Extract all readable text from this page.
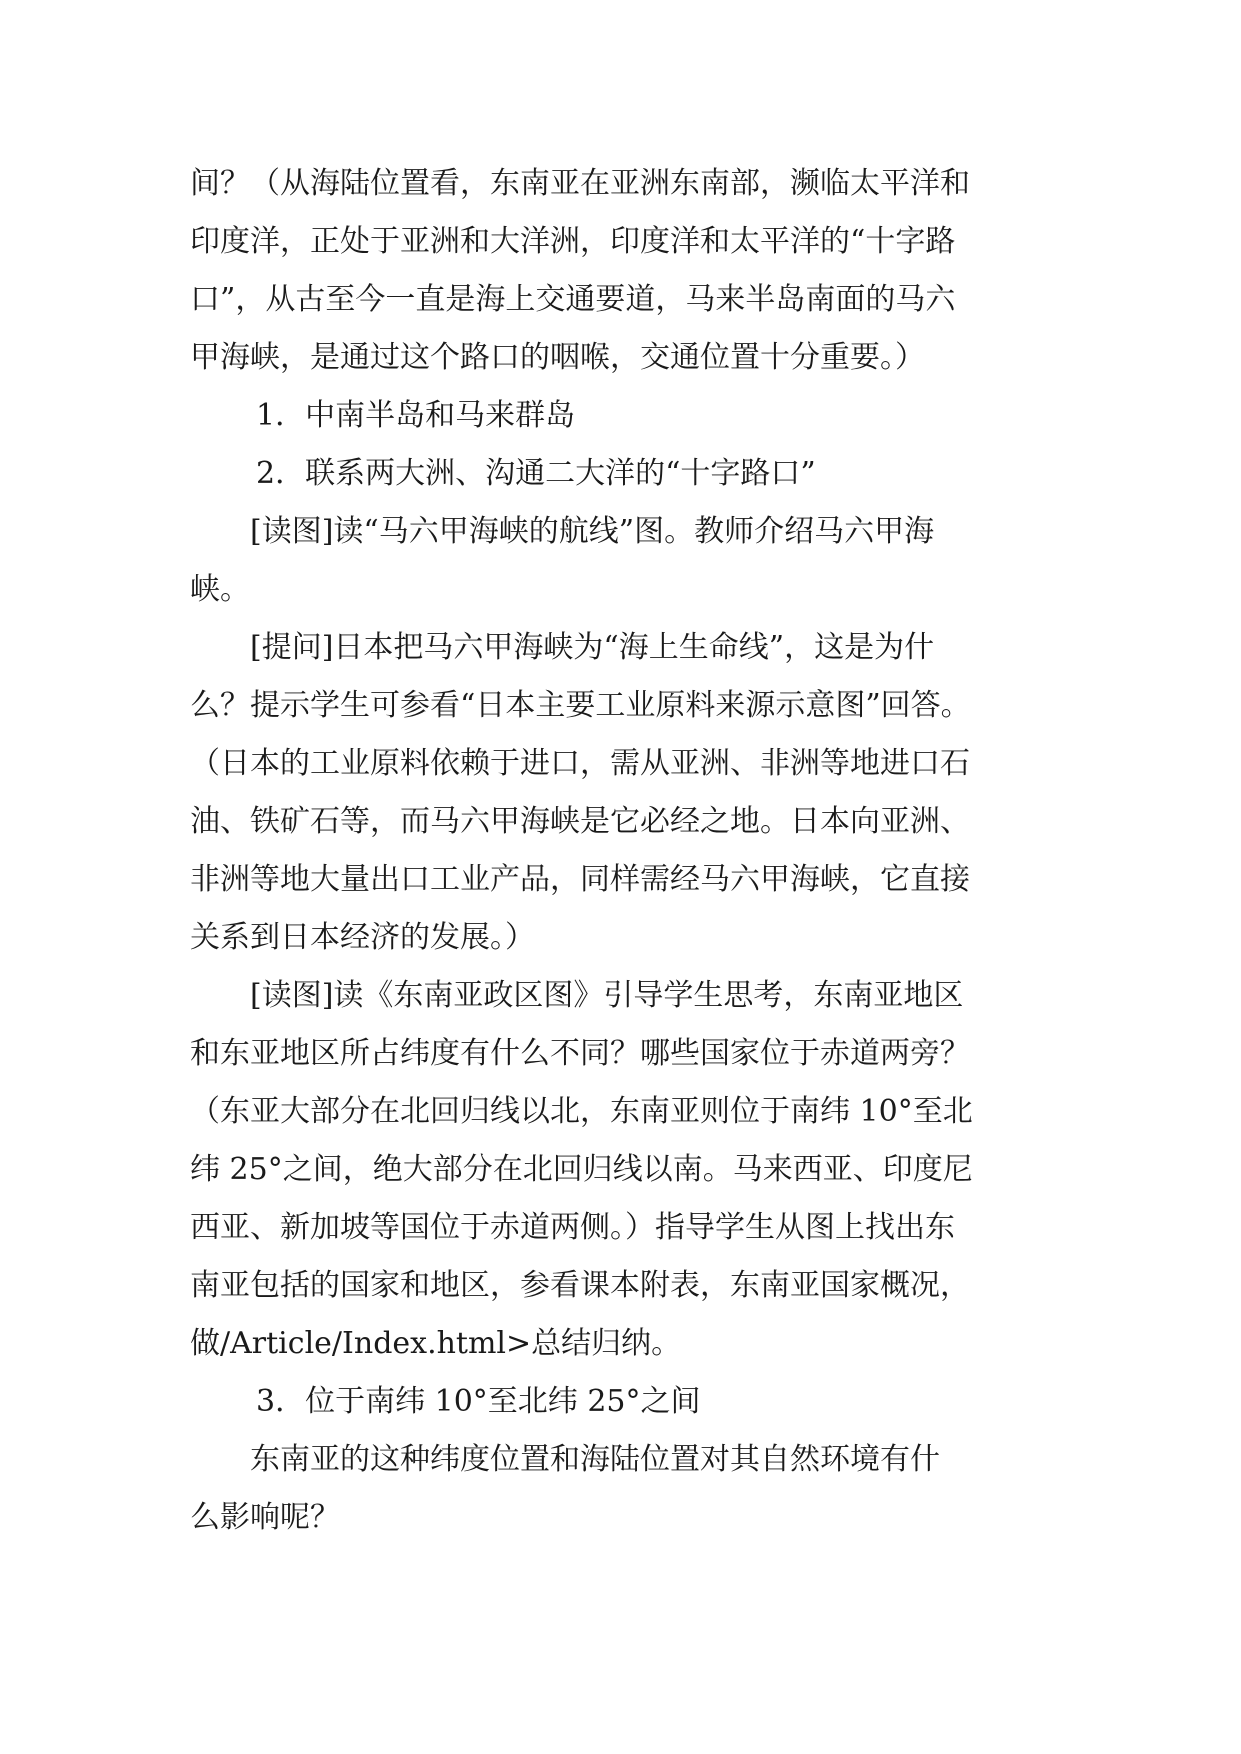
间？（从海陆位置看，东南亚在亚洲东南部，濒临太平洋和
印度洋，正处于亚洲和大洋洲，印度洋和太平洋的“十字路
口”，从古至今一直是海上交通要道，马来半岛南面的马六
甲海峡，是通过这个路口的咽喉，交通位置十分重要。）
1．中南半岛和马来群岛
2．联系两大洲、沟通二大洋的“十字路口”
[读图]读“马六甲海峡的航线”图。教师介绍马六甲海
峡。
[提问]日本把马六甲海峡为“海上生命线”，这是为什
么？提示学生可参看“日本主要工业原料来源示意图”回答。
（日本的工业原料依赖于进口，需从亚洲、非洲等地进口石
油、铁矿石等，而马六甲海峡是它必经之地。日本向亚洲、
非洲等地大量出口工业产品，同样需经马六甲海峡，它直接
关系到日本经济的发展。）
[读图]读《东南亚政区图》引导学生思考，东南亚地区
和东亚地区所占纬度有什么不同？哪些国家位于赤道两旁？
（东亚大部分在北回归线以北，东南亚则位于南纬 10°至北
纬 25°之间，绝大部分在北回归线以南。马来西亚、印度尼
西亚、新加坡等国位于赤道两侧。）指导学生从图上找出东
南亚包括的国家和地区，参看课本附表，东南亚国家概况，
做/Article/Index.html>总结归纳。
3．位于南纬 10°至北纬 25°之间
东南亚的这种纬度位置和海陆位置对其自然环境有什
么影响呢？
